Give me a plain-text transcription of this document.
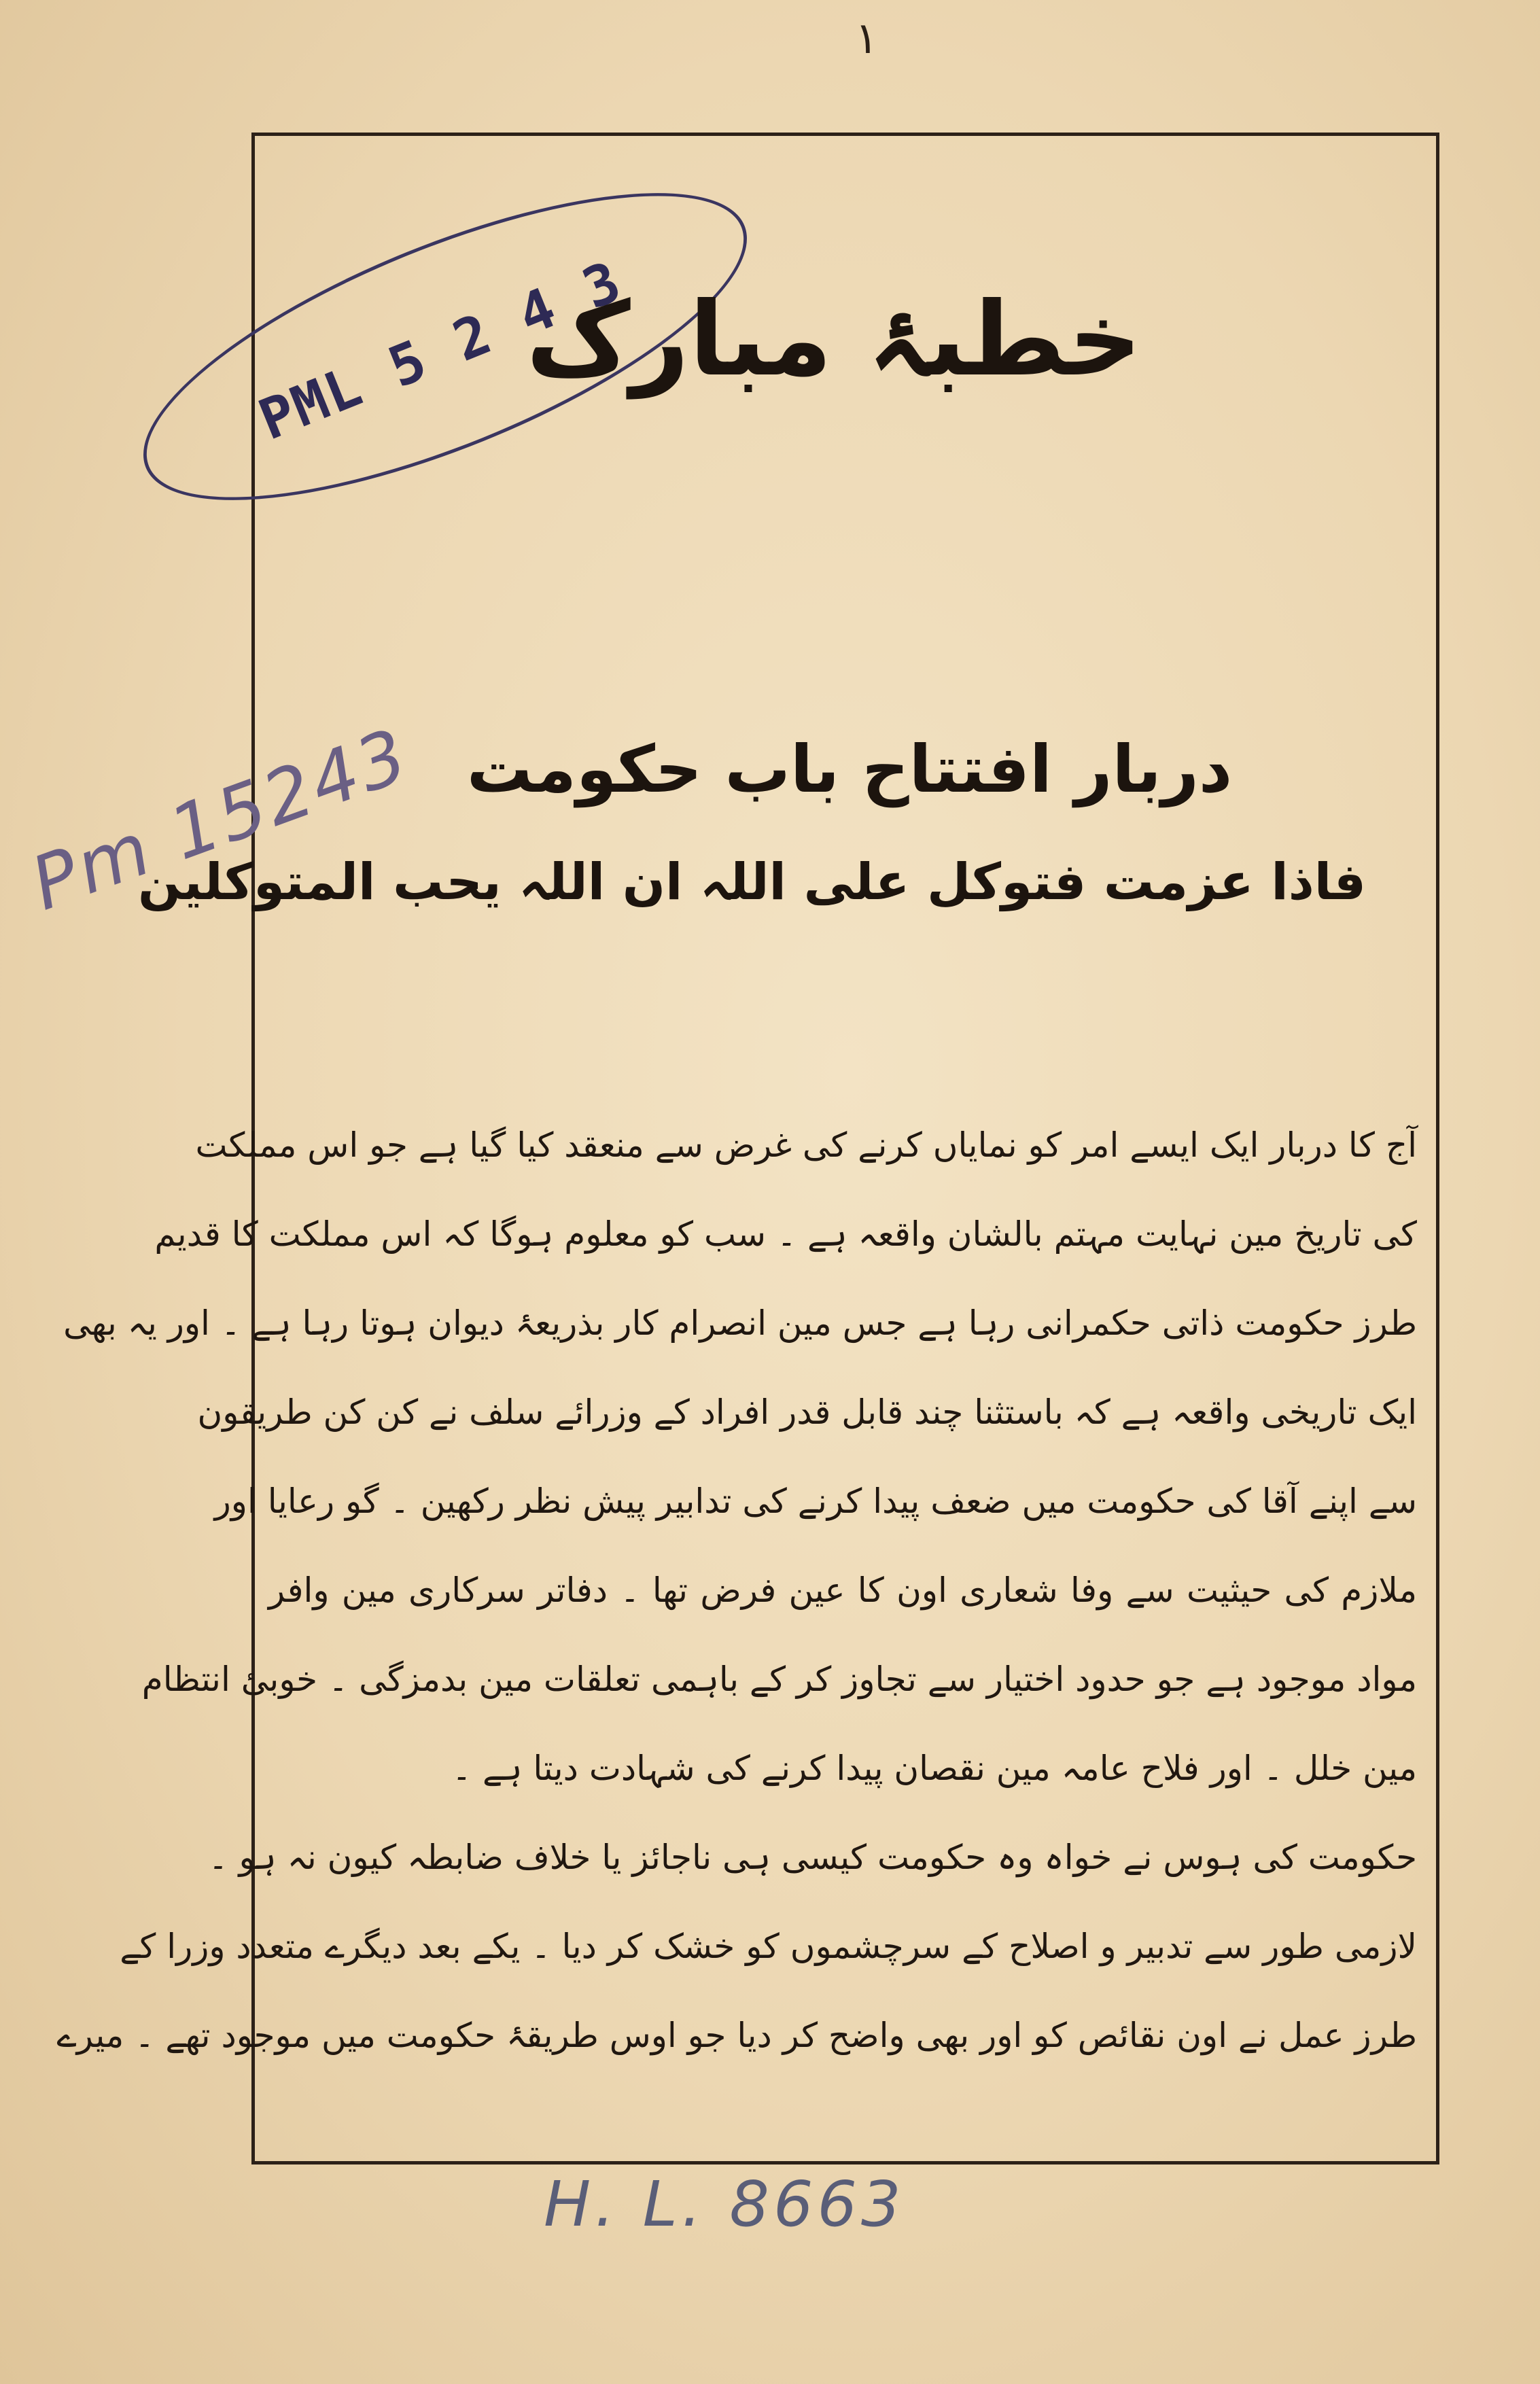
۱
PML 5 2 4 3
خطبۂ مبارک
Pm 15243 دربار افتتاح باب حکومت
فاذا عزمت فتوکل علی اللہ ان اللہ یحب المتوکلین
آج کا دربار ایک ایسے امر کو نمایاں کرنے کی غرض سے منعقد کیا گیا ہے جو اس مملکت
کی تاریخ مین نہایت مہتم بالشان واقعہ ہے ۔ سب کو معلوم ہوگا کہ اس مملکت کا قدیم
طرز حکومت ذاتی حکمرانی رہا ہے جس مین انصرام کار بذریعۂ دیوان ہوتا رہا ہے ۔ اور یہ بھی
ایک تاریخی واقعہ ہے کہ باستثنا چند قابل قدر افراد کے وزرائے سلف نے کن کن طریقون
سے اپنے آقا کی حکومت میں ضعف پیدا کرنے کی تدابیر پیش نظر رکھین ۔ گو رعایا اور
ملازم کی حیثیت سے وفا شعاری اون کا عین فرض تھا ۔ دفاتر سرکاری مین وافر
مواد موجود ہے جو حدود اختیار سے تجاوز کر کے باہمی تعلقات مین بدمزگی ۔ خوبیٔ انتظام
مین خلل ۔ اور فلاح عامہ مین نقصان پیدا کرنے کی شہادت دیتا ہے ۔
حکومت کی ہوس نے خواہ وہ حکومت کیسی ہی ناجائز یا خلاف ضابطہ کیون نہ ہو ۔
لازمی طور سے تدبیر و اصلاح کے سرچشموں کو خشک کر دیا ۔ یکے بعد دیگرے متعدد وزرا کے
طرز عمل نے اون نقائص کو اور بھی واضح کر دیا جو اوس طریقۂ حکومت میں موجود تھے ۔ میرے
H. L. 8663
